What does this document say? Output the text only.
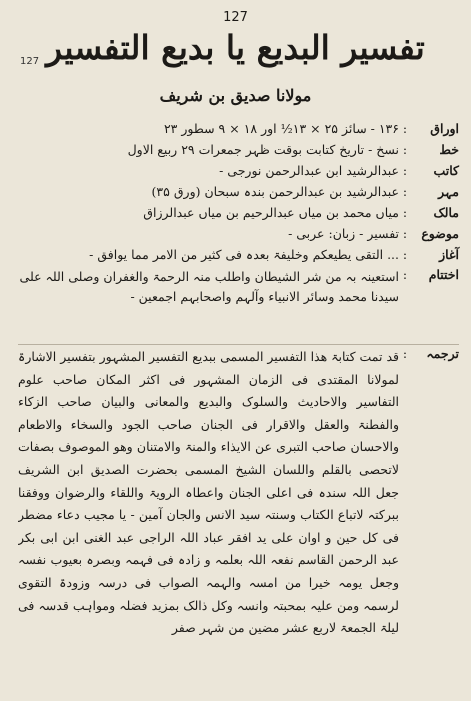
127
127 تفسیر البدیع یا بدیع التفسیر
مولانا صدیق بن شریف
اوراق
:
۱۳۶ - سائز ۲۵ × ۱۳½ اور ۱۸ × ۹ سطور ۲۳
خط
:
نسخ - تاریخ کتابت بوقت ظہر جمعرات ۲۹ ربیع الاول
کاتب
:
عبدالرشید ابن عبدالرحمن نورجی -
مہر
:
عبدالرشید بن عبدالرحمن بندہ سبحان (ورق ۳۵)
مالک
:
میاں محمد بن میاں عبدالرحیم بن میاں عبدالرزاق
موضوع
:
تفسیر - زبان: عربی -
آغاز
:
... التقی یطیعکم وخلیفۃ بعدہ فی کثیر من الامر مما یوافق -
اختتام
:
استعینہ بہ من شر الشیطان واطلب منہ الرحمۃ والغفران وصلی اللہ علی سیدنا محمد وسائر الانبیاء وآلہم واصحابہم اجمعین -
ترجمہ
:
قد تمت کتابۃ ھذا التفسیر المسمی ببدیع التفسیر المشہور بتفسیر الاشارۃ لمولانا المقتدی فی الزمان المشہور فی اکثر المکان صاحب علوم التفاسیر والاحادیث والسلوک والبدیع والمعانی والبیان صاحب الزکاء والفطنۃ والعقل والاقرار فی الجنان صاحب الجود والسخاء والاطعام والاحسان صاحب التبری عن الایذاء والمنۃ والامتنان وھو الموصوف بصفات لاتحصی بالقلم واللسان الشیخ المسمی بحضرت الصدیق ابن الشریف جعل اللہ سندہ فی اعلی الجنان واعطاہ الرویۃ واللقاء والرضوان ووفقنا ببرکتہ لاتباع الکتاب وسنتہ سید الانس والجان آمین - یا مجیب دعاء مضطر فی کل حین و اوان علی ید افقر عباد اللہ الراجی عبد الغنی ابن ابی بکر عبد الرحمن القاسم نفعہ اللہ بعلمہ و زادہ فی فہمہ وبصرہ بعیوب نفسہ وجعل یومہ خیرا من امسہ والہمہ الصواب فی درسہ وزودۃ التقوی لرسمہ ومن علیہ بمحبتہ وانسہ وکل ذالک بمزید فضلہ ومواہب قدسہ فی لیلۃ الجمعۃ لاربع عشر مضین من شہر صفر
